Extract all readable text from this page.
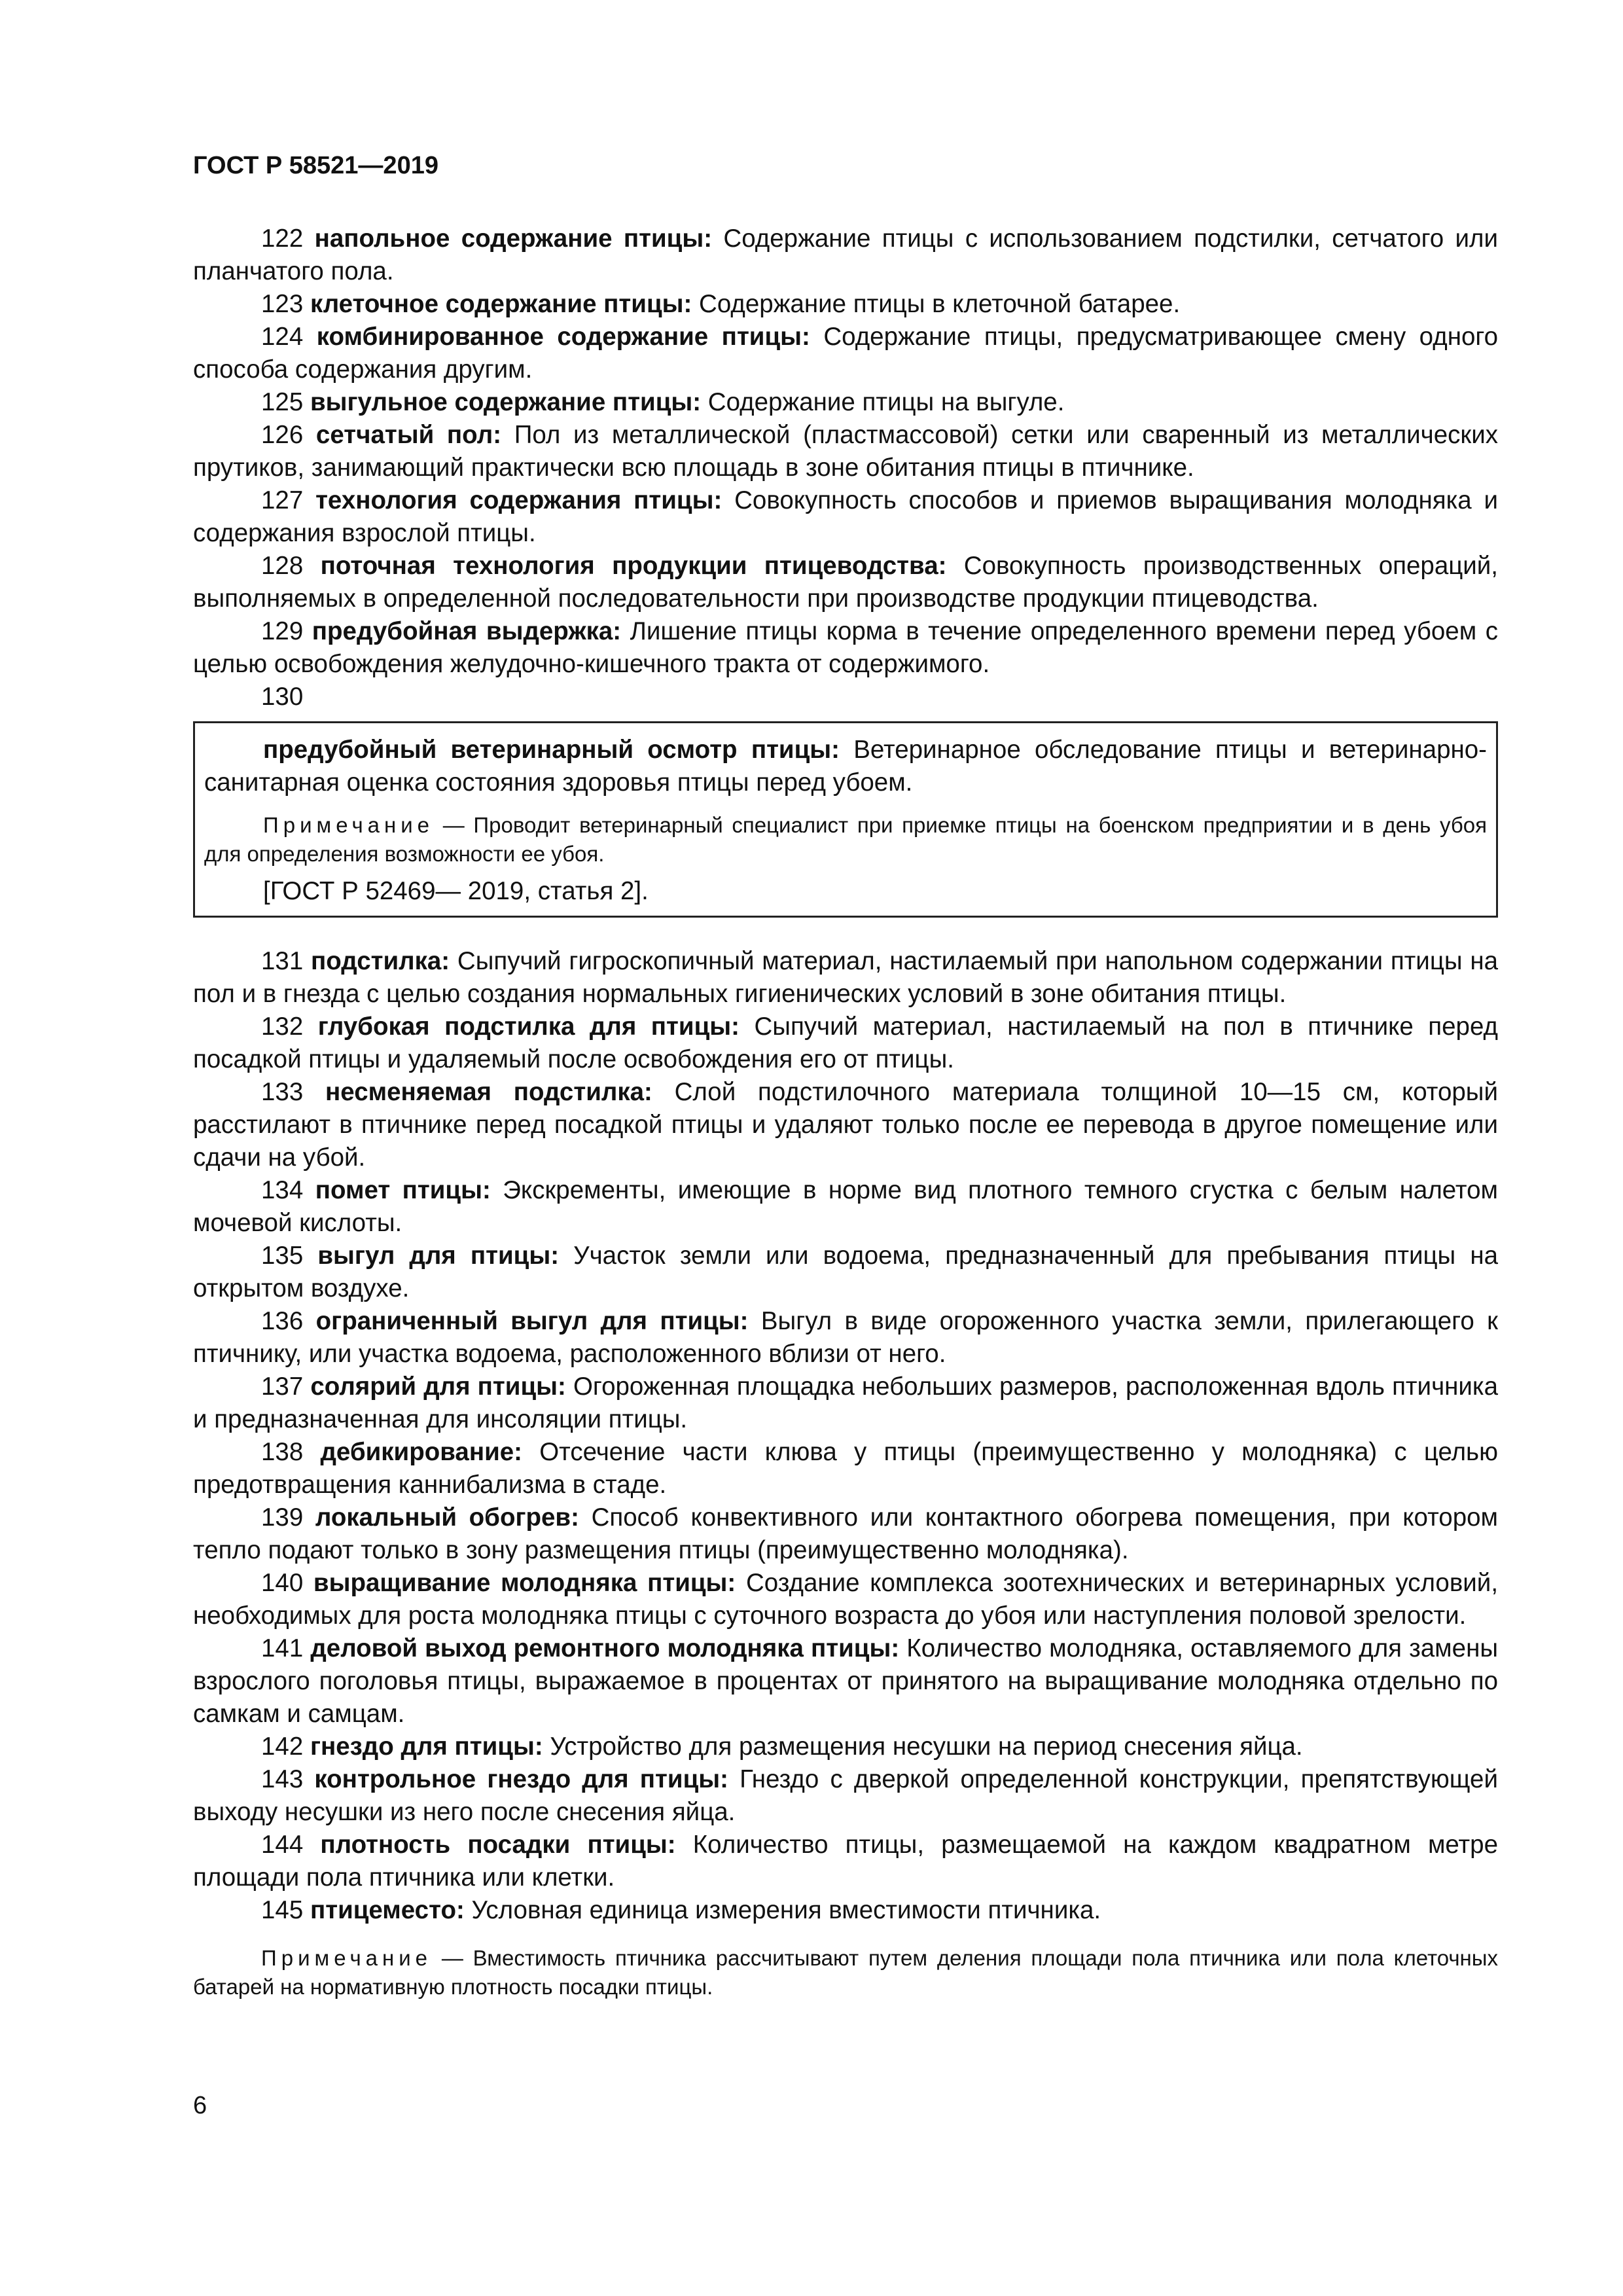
ГОСТ Р 58521—2019

122 напольное содержание птицы: Содержание птицы с использованием подстилки, сетчатого или планчатого пола.

123 клеточное содержание птицы: Содержание птицы в клеточной батарее.

124 комбинированное содержание птицы: Содержание птицы, предусматривающее смену одного способа содержания другим.

125 выгульное содержание птицы: Содержание птицы на выгуле.

126 сетчатый пол: Пол из металлической (пластмассовой) сетки или сваренный из металлических прутиков, занимающий практически всю площадь в зоне обитания птицы в птичнике.

127 технология содержания птицы: Совокупность способов и приемов выращивания молодняка и содержания взрослой птицы.

128 поточная технология продукции птицеводства: Совокупность производственных операций, выполняемых в определенной последовательности при производстве продукции птицеводства.

129 предубойная выдержка: Лишение птицы корма в течение определенного времени перед убоем с целью освобождения желудочно-кишечного тракта от содержимого.

130

предубойный ветеринарный осмотр птицы: Ветеринарное обследование птицы и ветеринарно-санитарная оценка состояния здоровья птицы перед убоем.

Примечание — Проводит ветеринарный специалист при приемке птицы на боенском предприятии и в день убоя для определения возможности ее убоя.

[ГОСТ Р 52469— 2019, статья 2].

131 подстилка: Сыпучий гигроскопичный материал, настилаемый при напольном содержании птицы на пол и в гнезда с целью создания нормальных гигиенических условий в зоне обитания птицы.

132 глубокая подстилка для птицы: Сыпучий материал, настилаемый на пол в птичнике перед посадкой птицы и удаляемый после освобождения его от птицы.

133 несменяемая подстилка: Слой подстилочного материала толщиной 10—15 см, который расстилают в птичнике перед посадкой птицы и удаляют только после ее перевода в другое помещение или сдачи на убой.

134 помет птицы: Экскременты, имеющие в норме вид плотного темного сгустка с белым налетом мочевой кислоты.

135 выгул для птицы: Участок земли или водоема, предназначенный для пребывания птицы на открытом воздухе.

136 ограниченный выгул для птицы: Выгул в виде огороженного участка земли, прилегающего к птичнику, или участка водоема, расположенного вблизи от него.

137 солярий для птицы: Огороженная площадка небольших размеров, расположенная вдоль птичника и предназначенная для инсоляции птицы.

138 дебикирование: Отсечение части клюва у птицы (преимущественно у молодняка) с целью предотвращения каннибализма в стаде.

139 локальный обогрев: Способ конвективного или контактного обогрева помещения, при котором тепло подают только в зону размещения птицы (преимущественно молодняка).

140 выращивание молодняка птицы: Создание комплекса зоотехнических и ветеринарных условий, необходимых для роста молодняка птицы с суточного возраста до убоя или наступления половой зрелости.

141 деловой выход ремонтного молодняка птицы: Количество молодняка, оставляемого для замены взрослого поголовья птицы, выражаемое в процентах от принятого на выращивание молодняка отдельно по самкам и самцам.

142 гнездо для птицы: Устройство для размещения несушки на период снесения яйца.

143 контрольное гнездо для птицы: Гнездо с дверкой определенной конструкции, препятствующей выходу несушки из него после снесения яйца.

144 плотность посадки птицы: Количество птицы, размещаемой на каждом квадратном метре площади пола птичника или клетки.

145 птицеместо: Условная единица измерения вместимости птичника.

Примечание — Вместимость птичника рассчитывают путем деления площади пола птичника или пола клеточных батарей на нормативную плотность посадки птицы.

6
